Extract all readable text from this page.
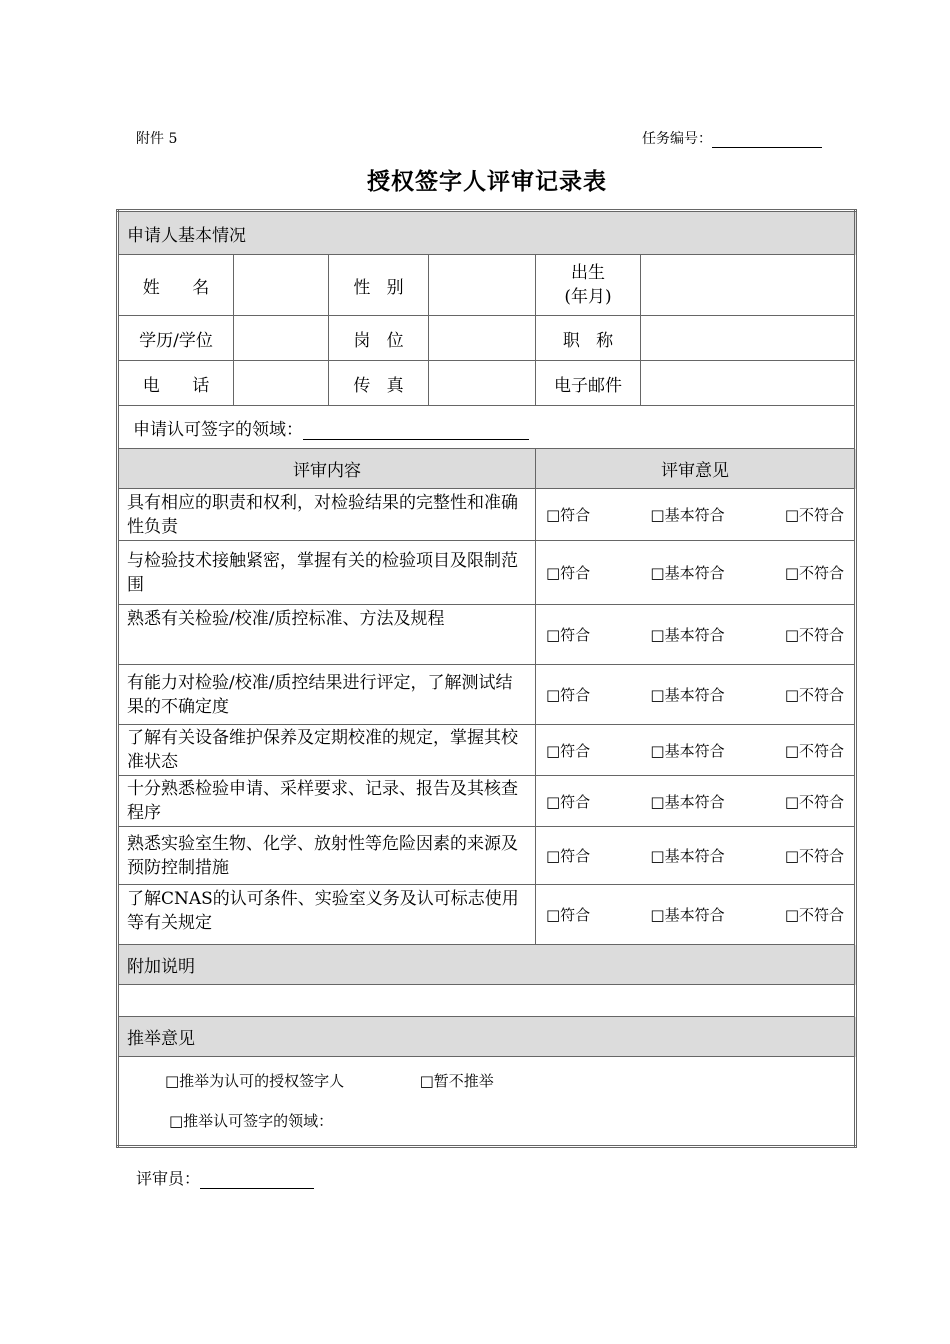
附件 5	任务编号：
授权签字人评审记录表
申请人基本情况					
姓      名		性   别		出生
(年月)	

学历/学位		岗   位		职   称	
电      话		传   真		电子邮件	
申请认可签字的领域：					
评审内容				评审意见	
具有相应的职责和权利，对检验结果的完整性和准确性负责				□符合 □基本符合 □不符合	

与检验技术接触紧密，掌握有关的检验项目及限制范围				□符合 □基本符合 □不符合	

熟悉有关检验/校准/质控标准、方法及规程				□符合 □基本符合 □不符合	

有能力对检验/校准/质控结果进行评定，了解测试结果的不确定度				□符合 □基本符合 □不符合	

了解有关设备维护保养及定期校准的规定，掌握其校准状态				□符合 □基本符合 □不符合	

十分熟悉检验申请、采样要求、记录、报告及其核查程序				□符合 □基本符合 □不符合	

熟悉实验室生物、化学、放射性等危险因素的来源及预防控制措施				□符合 □基本符合 □不符合	

了解CNAS的认可条件、实验室义务及认可标志使用等有关规定				□符合 □基本符合 □不符合	

附加说明					

推举意见					

□推举为认可的授权签字人 □暂不推举
□推举认可签字的领域：					
评审员：
